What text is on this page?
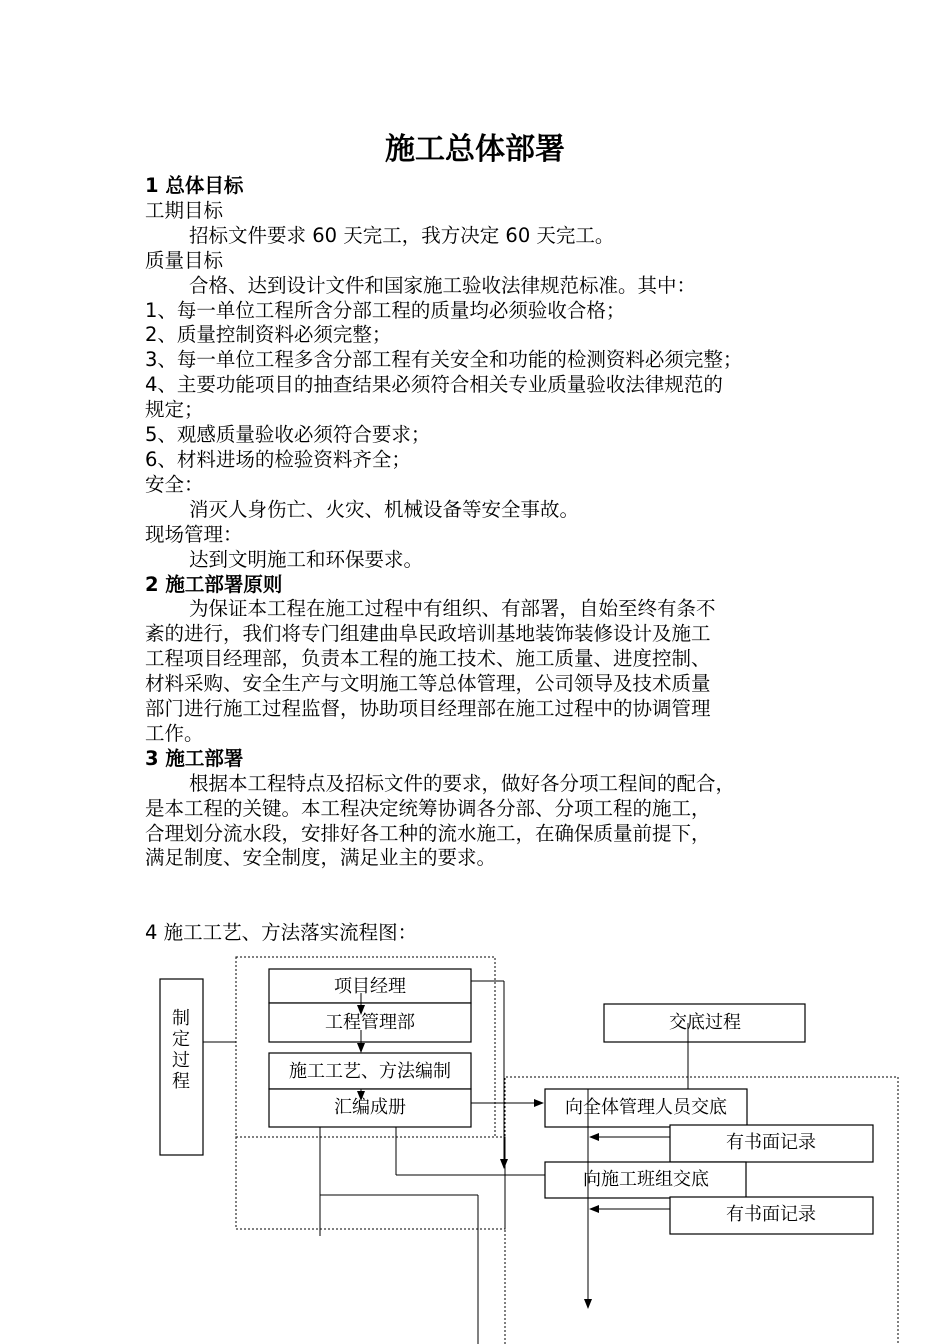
施工总体部署
1 总体目标
工期目标
招标文件要求 60 天完工，我方决定 60 天完工。
质量目标
合格、达到设计文件和国家施工验收法律规范标准。其中：
1、每一单位工程所含分部工程的质量均必须验收合格；
2、质量控制资料必须完整；
3、每一单位工程多含分部工程有关安全和功能的检测资料必须完整；
4、主要功能项目的抽查结果必须符合相关专业质量验收法律规范的
规定；
5、观感质量验收必须符合要求；
6、材料进场的检验资料齐全；
安全：
消灭人身伤亡、火灾、机械设备等安全事故。
现场管理：
达到文明施工和环保要求。
2 施工部署原则
为保证本工程在施工过程中有组织、有部署，自始至终有条不
紊的进行，我们将专门组建曲阜民政培训基地装饰装修设计及施工
工程项目经理部，负责本工程的施工技术、施工质量、进度控制、
材料采购、安全生产与文明施工等总体管理，公司领导及技术质量
部门进行施工过程监督，协助项目经理部在施工过程中的协调管理
工作。
3 施工部署
根据本工程特点及招标文件的要求，做好各分项工程间的配合，
是本工程的关键。本工程决定统筹协调各分部、分项工程的施工，
合理划分流水段，安排好各工种的流水施工，在确保质量前提下，
满足制度、安全制度，满足业主的要求。
4 施工工艺、方法落实流程图：
制
定
过
程
项目经理
工程管理部
施工工艺、方法编制
汇编成册
交底过程
向全体管理人员交底
有书面记录
向施工班组交底
有书面记录
